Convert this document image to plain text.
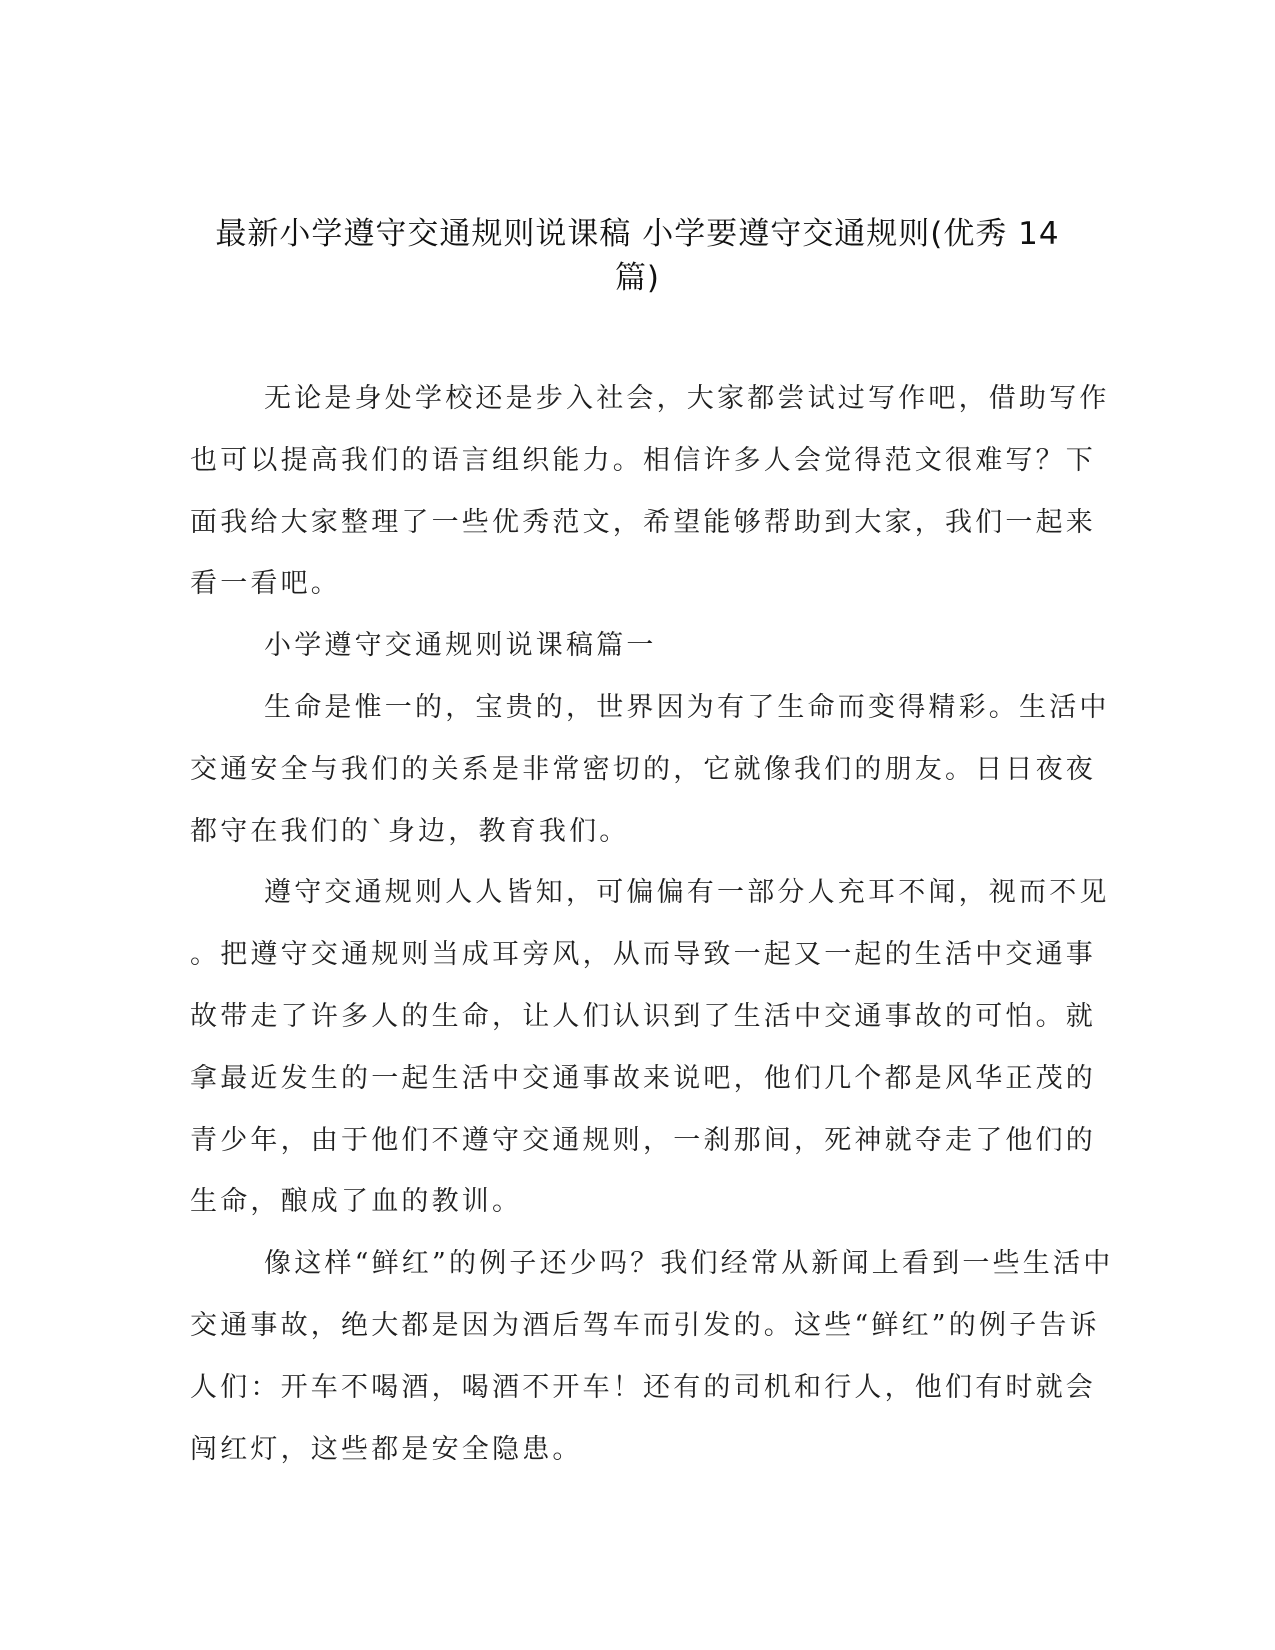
最新小学遵守交通规则说课稿 小学要遵守交通规则(优秀 14
篇)
无论是身处学校还是步入社会，大家都尝试过写作吧，借助写作
也可以提高我们的语言组织能力。相信许多人会觉得范文很难写？下
面我给大家整理了一些优秀范文，希望能够帮助到大家，我们一起来
看一看吧。
小学遵守交通规则说课稿篇一
生命是惟一的，宝贵的，世界因为有了生命而变得精彩。生活中
交通安全与我们的关系是非常密切的，它就像我们的朋友。日日夜夜
都守在我们的`身边，教育我们。
遵守交通规则人人皆知，可偏偏有一部分人充耳不闻，视而不见
。把遵守交通规则当成耳旁风，从而导致一起又一起的生活中交通事
故带走了许多人的生命，让人们认识到了生活中交通事故的可怕。就
拿最近发生的一起生活中交通事故来说吧，他们几个都是风华正茂的
青少年，由于他们不遵守交通规则，一刹那间，死神就夺走了他们的
生命，酿成了血的教训。
像这样“鲜红”的例子还少吗？我们经常从新闻上看到一些生活中
交通事故，绝大都是因为酒后驾车而引发的。这些“鲜红”的例子告诉
人们：开车不喝酒，喝酒不开车！还有的司机和行人，他们有时就会
闯红灯，这些都是安全隐患。
